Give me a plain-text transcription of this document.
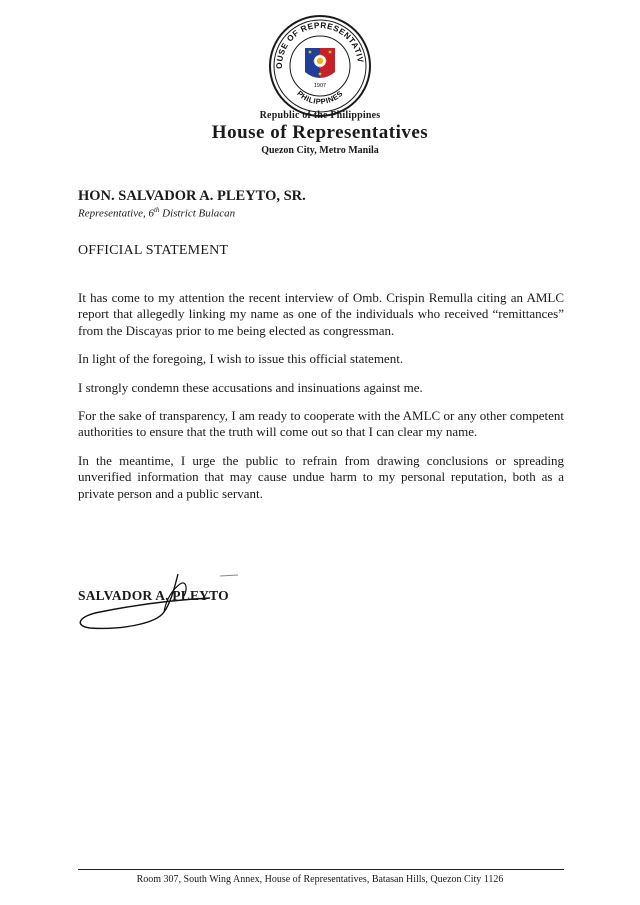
OUSE OF REPRESENTATIV
PHILIPPINES
1907
Republic of the Philippines
House of Representatives
Quezon City, Metro Manila
HON. SALVADOR A. PLEYTO, SR.
Representative, 6th District Bulacan
OFFICIAL STATEMENT

It has come to my attention the recent interview of Omb. Crispin Remulla citing an AMLC report that allegedly linking my name as one of the individuals who received “remittances” from the Discayas prior to me being elected as congressman.

In light of the foregoing, I wish to issue this official statement.

I strongly condemn these accusations and insinuations against me.

For the sake of transparency, I am ready to cooperate with the AMLC or any other competent authorities to ensure that the truth will come out so that I can clear my name.

In the meantime, I urge the public to refrain from drawing conclusions or spreading unverified information that may cause undue harm to my personal reputation, both as a private person and a public servant.

SALVADOR A. PLEYTO
Room 307, South Wing Annex, House of Representatives, Batasan Hills, Quezon City 1126
